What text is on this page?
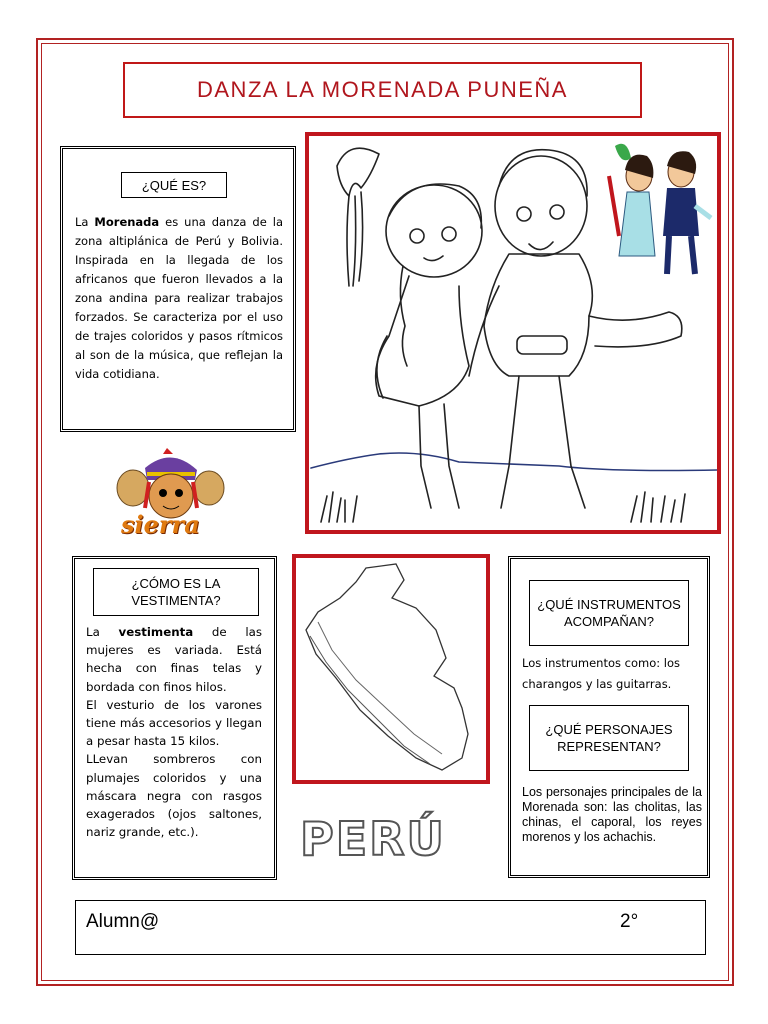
DANZA LA MORENADA PUNEÑA
¿QUÉ ES?
La Morenada es una danza de la zona altiplánica de Perú y Bolivia. Inspirada en la llegada de los africanos que fueron llevados a la zona andina para realizar trabajos forzados. Se caracteriza por el uso de trajes coloridos y pasos rítmicos al son de la música, que reflejan la vida cotidiana.
sierra
¿CÓMO ES LA VESTIMENTA?
La vestimenta de las mujeres es variada. Está hecha con finas telas y bordada con finos hilos.
El vesturio de los varones tiene más accesorios y llegan a pesar hasta 15 kilos.
LLevan sombreros con plumajes coloridos y una máscara negra con rasgos exagerados (ojos saltones, nariz grande, etc.).	PERÚ
¿QUÉ INSTRUMENTOS ACOMPAÑAN?
Los instrumentos como: los charangos y las guitarras.
¿QUÉ PERSONAJES REPRESENTAN?
Los personajes principales de la Morenada son: las cholitas, las chinas, el caporal, los reyes morenos y los achachis.
Alumn@	2°
